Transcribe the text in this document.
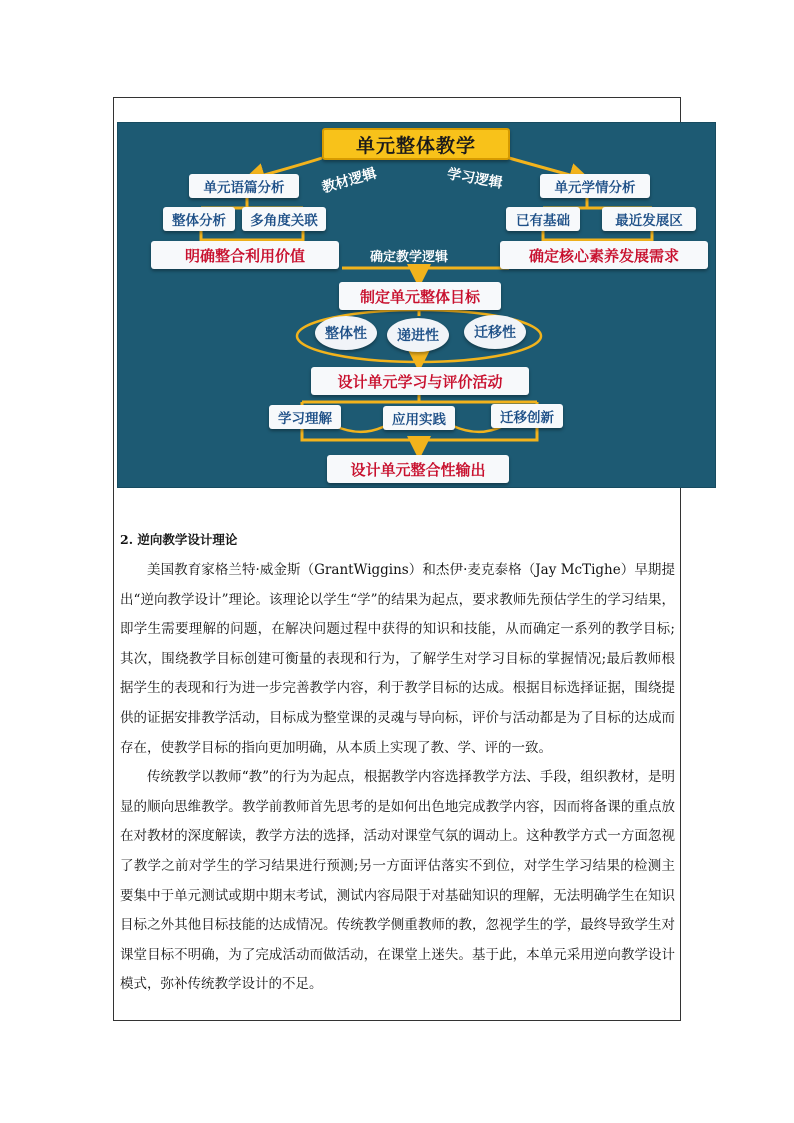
单元整体教学
教材逻辑	学习逻辑
单元语篇分析	单元学情分析
整体分析	多角度关联	已有基础	最近发展区
明确整合利用价值	确定核心素养发展需求
确定教学逻辑
制定单元整体目标
整体性	递进性	迁移性
设计单元学习与评价活动
学习理解	应用实践	迁移创新
设计单元整合性输出

2. 逆向教学设计理论

美国教育家格兰特·威金斯（GrantWiggins）和杰伊·麦克泰格（Jay McTighe）早期提出“逆向教学设计”理论。该理论以学生“学”的结果为起点，要求教师先预估学生的学习结果，即学生需要理解的问题，在解决问题过程中获得的知识和技能，从而确定一系列的教学目标;其次，围绕教学目标创建可衡量的表现和行为，了解学生对学习目标的掌握情况;最后教师根据学生的表现和行为进一步完善教学内容，利于教学目标的达成。根据目标选择证据，围绕提供的证据安排教学活动，目标成为整堂课的灵魂与导向标，评价与活动都是为了目标的达成而存在，使教学目标的指向更加明确，从本质上实现了教、学、评的一致。

传统教学以教师“教”的行为为起点，根据教学内容选择教学方法、手段，组织教材，是明显的顺向思维教学。教学前教师首先思考的是如何出色地完成教学内容，因而将备课的重点放在对教材的深度解读，教学方法的选择，活动对课堂气氛的调动上。这种教学方式一方面忽视了教学之前对学生的学习结果进行预测;另一方面评估落实不到位，对学生学习结果的检测主要集中于单元测试或期中期末考试，测试内容局限于对基础知识的理解，无法明确学生在知识目标之外其他目标技能的达成情况。传统教学侧重教师的教，忽视学生的学，最终导致学生对课堂目标不明确，为了完成活动而做活动，在课堂上迷失。基于此，本单元采用逆向教学设计模式，弥补传统教学设计的不足。
